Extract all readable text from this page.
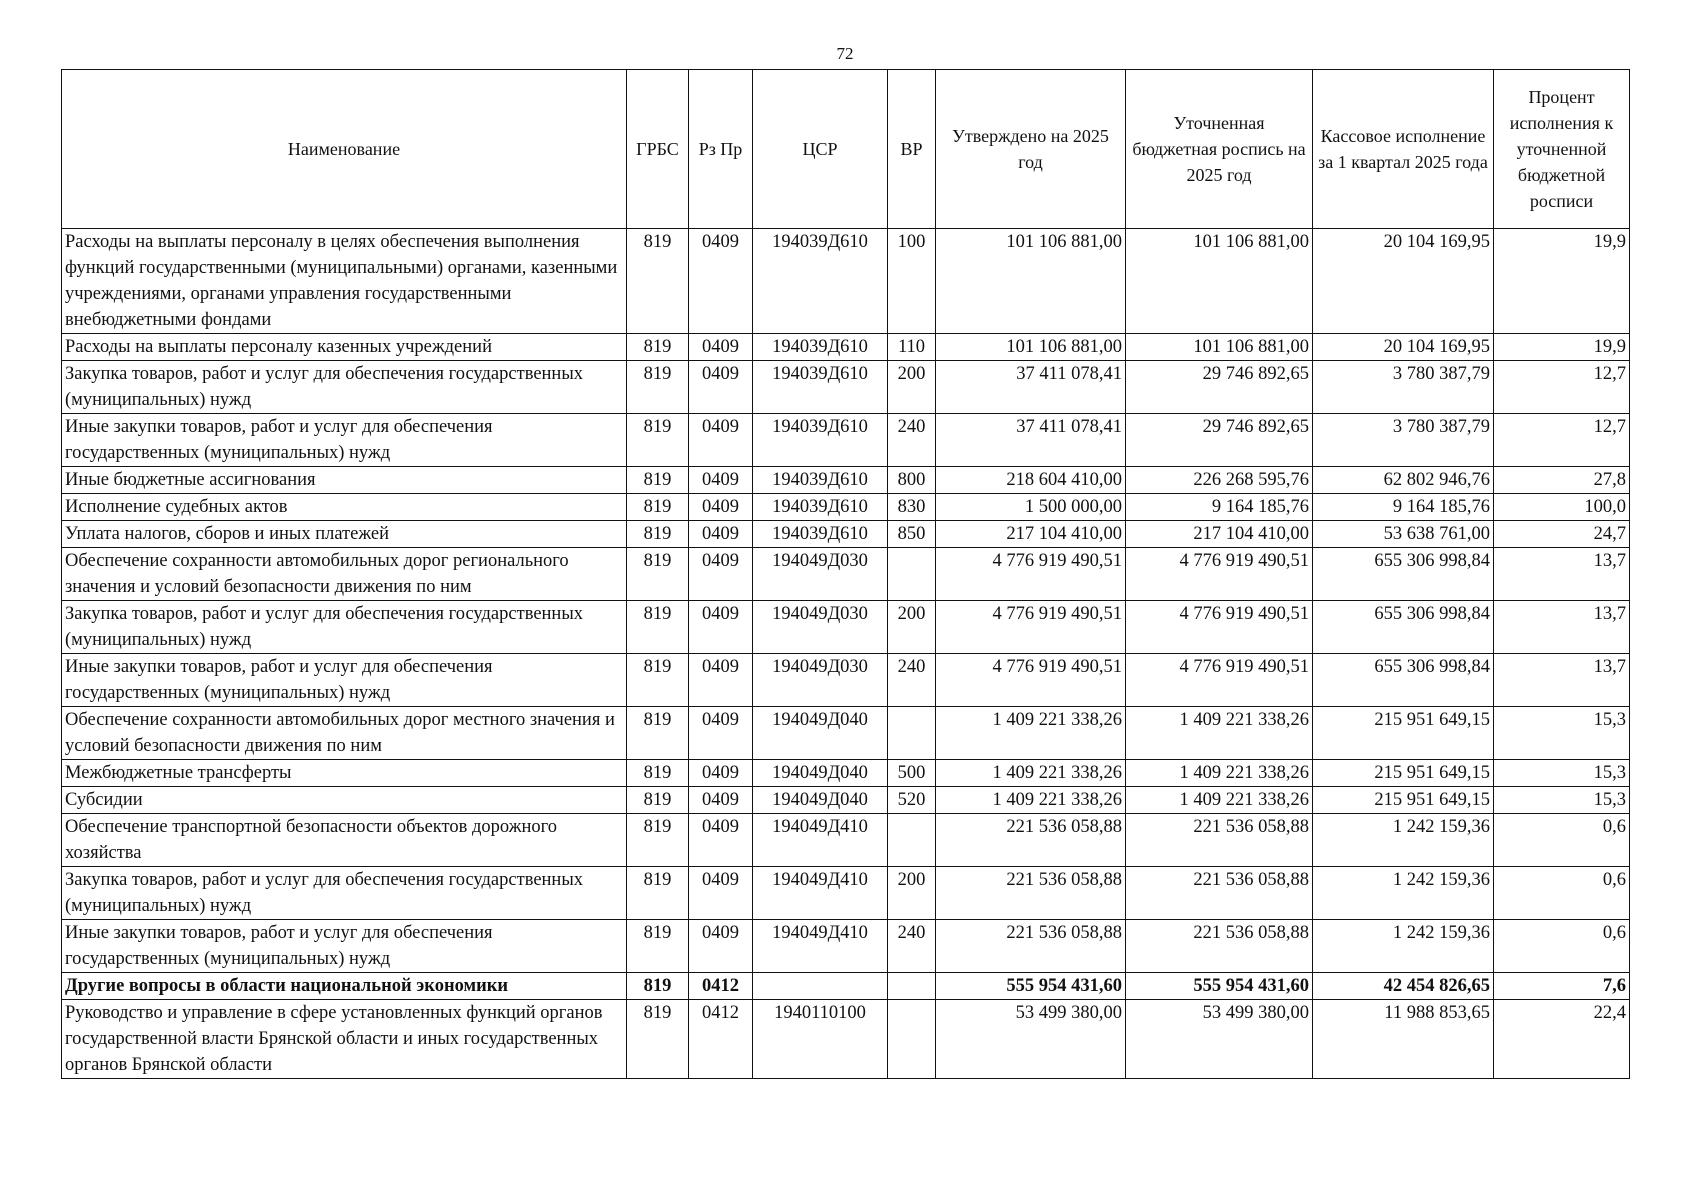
72
Наименование	ГРБС	Рз Пр	ЦСР	ВР	Утверждено на 2025 год	Уточненная бюджетная роспись на 2025 год	Кассовое исполнение за 1 квартал 2025 года	Процент исполнения к уточненной бюджетной росписи
Расходы на выплаты персоналу в целях обеспечения выполнения функций государственными (муниципальными) органами, казенными учреждениями, органами управления государственными внебюджетными фондами	819	0409	194039Д610	100	101 106 881,00	101 106 881,00	20 104 169,95	19,9
Расходы на выплаты персоналу казенных учреждений	819	0409	194039Д610	110	101 106 881,00	101 106 881,00	20 104 169,95	19,9
Закупка товаров, работ и услуг для обеспечения государственных (муниципальных) нужд	819	0409	194039Д610	200	37 411 078,41	29 746 892,65	3 780 387,79	12,7
Иные закупки товаров, работ и услуг для обеспечения государственных (муниципальных) нужд	819	0409	194039Д610	240	37 411 078,41	29 746 892,65	3 780 387,79	12,7
Иные бюджетные ассигнования	819	0409	194039Д610	800	218 604 410,00	226 268 595,76	62 802 946,76	27,8
Исполнение судебных актов	819	0409	194039Д610	830	1 500 000,00	9 164 185,76	9 164 185,76	100,0
Уплата налогов, сборов и иных платежей	819	0409	194039Д610	850	217 104 410,00	217 104 410,00	53 638 761,00	24,7
Обеспечение сохранности автомобильных дорог регионального значения и условий безопасности движения по ним	819	0409	194049Д030		4 776 919 490,51	4 776 919 490,51	655 306 998,84	13,7
Закупка товаров, работ и услуг для обеспечения государственных (муниципальных) нужд	819	0409	194049Д030	200	4 776 919 490,51	4 776 919 490,51	655 306 998,84	13,7
Иные закупки товаров, работ и услуг для обеспечения государственных (муниципальных) нужд	819	0409	194049Д030	240	4 776 919 490,51	4 776 919 490,51	655 306 998,84	13,7
Обеспечение сохранности автомобильных дорог местного значения и условий безопасности движения по ним	819	0409	194049Д040		1 409 221 338,26	1 409 221 338,26	215 951 649,15	15,3
Межбюджетные трансферты	819	0409	194049Д040	500	1 409 221 338,26	1 409 221 338,26	215 951 649,15	15,3
Субсидии	819	0409	194049Д040	520	1 409 221 338,26	1 409 221 338,26	215 951 649,15	15,3
Обеспечение транспортной безопасности объектов дорожного хозяйства	819	0409	194049Д410		221 536 058,88	221 536 058,88	1 242 159,36	0,6
Закупка товаров, работ и услуг для обеспечения государственных (муниципальных) нужд	819	0409	194049Д410	200	221 536 058,88	221 536 058,88	1 242 159,36	0,6
Иные закупки товаров, работ и услуг для обеспечения государственных (муниципальных) нужд	819	0409	194049Д410	240	221 536 058,88	221 536 058,88	1 242 159,36	0,6
Другие вопросы в области национальной экономики	819	0412			555 954 431,60	555 954 431,60	42 454 826,65	7,6
Руководство и управление в сфере установленных функций органов государственной власти Брянской области и иных государственных органов Брянской области	819	0412	1940110100		53 499 380,00	53 499 380,00	11 988 853,65	22,4
